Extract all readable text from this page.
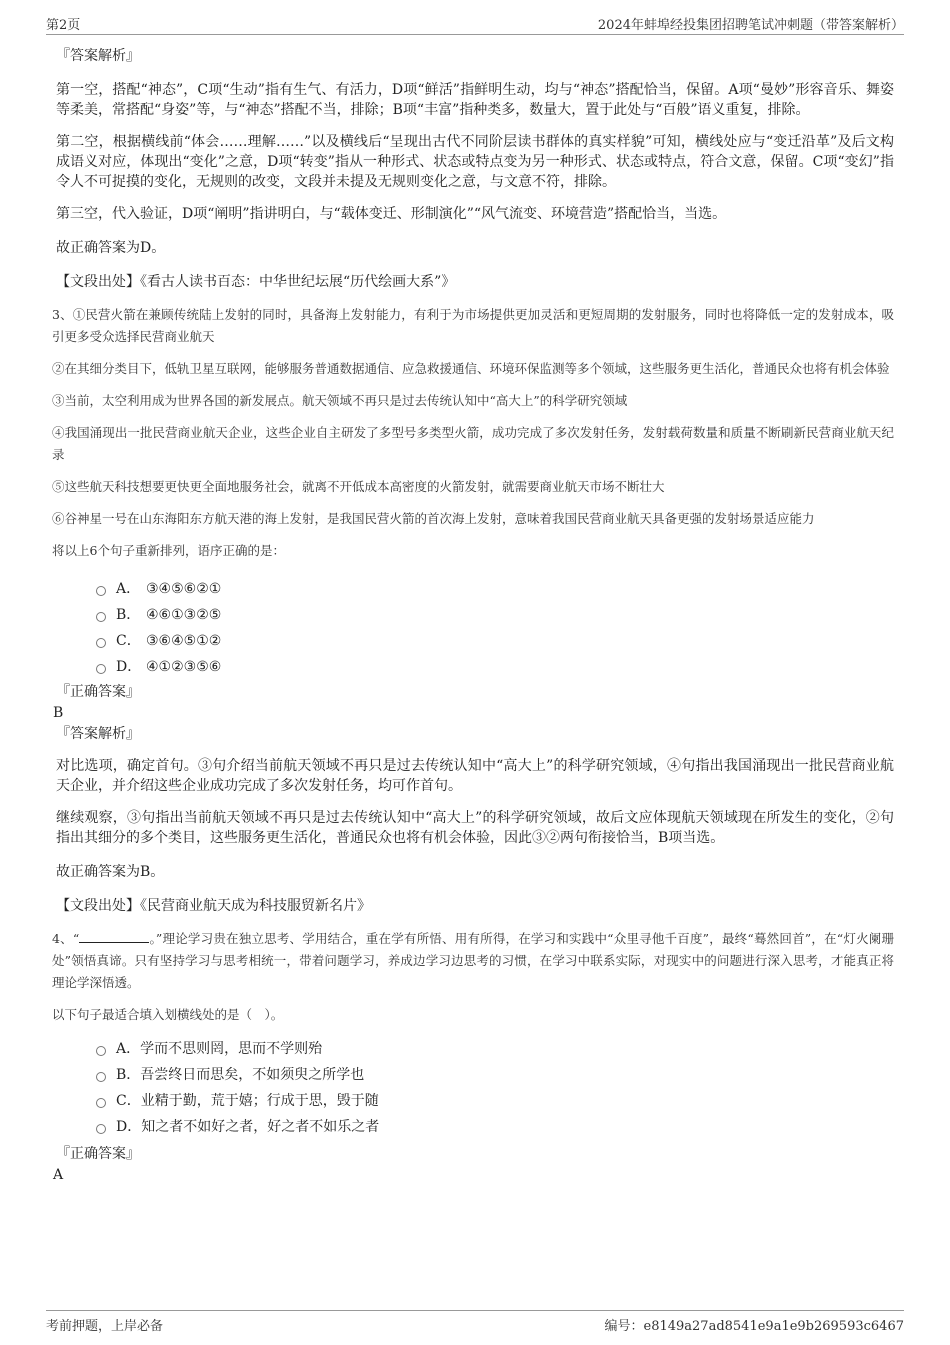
第2页	2024年蚌埠经投集团招聘笔试冲刺题（带答案解析）

『答案解析』

第一空，搭配“神态”，C项“生动”指有生气、有活力，D项“鲜活”指鲜明生动，均与“神态”搭配恰当，保留。A项“曼妙”形容音乐、舞姿等柔美，常搭配“身姿”等，与“神态”搭配不当，排除；B项“丰富”指种类多，数量大，置于此处与“百般”语义重复，排除。

第二空，根据横线前“体会……理解……”以及横线后“呈现出古代不同阶层读书群体的真实样貌”可知，横线处应与“变迁沿革”及后文构成语义对应，体现出“变化”之意，D项“转变”指从一种形式、状态或特点变为另一种形式、状态或特点，符合文意，保留。C项“变幻”指令人不可捉摸的变化，无规则的改变，文段并未提及无规则变化之意，与文意不符，排除。

第三空，代入验证，D项“阐明”指讲明白，与“载体变迁、形制演化”“风气流变、环境营造”搭配恰当，当选。

故正确答案为D。

【文段出处】《看古人读书百态：中华世纪坛展“历代绘画大系”》

3、①民营火箭在兼顾传统陆上发射的同时，具备海上发射能力，有利于为市场提供更加灵活和更短周期的发射服务，同时也将降低一定的发射成本，吸引更多受众选择民营商业航天

②在其细分类目下，低轨卫星互联网，能够服务普通数据通信、应急救援通信、环境环保监测等多个领域，这些服务更生活化，普通民众也将有机会体验

③当前，太空利用成为世界各国的新发展点。航天领域不再只是过去传统认知中“高大上”的科学研究领域

④我国涌现出一批民营商业航天企业，这些企业自主研发了多型号多类型火箭，成功完成了多次发射任务，发射载荷数量和质量不断刷新民营商业航天纪录

⑤这些航天科技想要更快更全面地服务社会，就离不开低成本高密度的火箭发射，就需要商业航天市场不断壮大

⑥谷神星一号在山东海阳东方航天港的海上发射，是我国民营火箭的首次海上发射，意味着我国民营商业航天具备更强的发射场景适应能力

将以上6个句子重新排列，语序正确的是：

A． ③④⑤⑥②①
B． ④⑥①③②⑤
C． ③⑥④⑤①②
D． ④①②③⑤⑥

『正确答案』

B

『答案解析』

对比选项，确定首句。③句介绍当前航天领域不再只是过去传统认知中“高大上”的科学研究领域，④句指出我国涌现出一批民营商业航天企业，并介绍这些企业成功完成了多次发射任务，均可作首句。

继续观察，③句指出当前航天领域不再只是过去传统认知中“高大上”的科学研究领域，故后文应体现航天领域现在所发生的变化，②句指出其细分的多个类目，这些服务更生活化，普通民众也将有机会体验，因此③②两句衔接恰当，B项当选。

故正确答案为B。

【文段出处】《民营商业航天成为科技服贸新名片》

4、“	。”理论学习贵在独立思考、学用结合，重在学有所悟、用有所得，在学习和实践中“众里寻他千百度”，最终“蓦然回首”，在“灯火阑珊处”领悟真谛。只有坚持学习与思考相统一，带着问题学习，养成边学习边思考的习惯，在学习中联系实际，对现实中的问题进行深入思考，才能真正将理论学深悟透。

以下句子最适合填入划横线处的是（　）。

A． 学而不思则罔，思而不学则殆
B． 吾尝终日而思矣，不如须臾之所学也
C． 业精于勤，荒于嬉；行成于思，毁于随
D． 知之者不如好之者，好之者不如乐之者

『正确答案』

A

考前押题，上岸必备	编号：e8149a27ad8541e9a1e9b269593c6467
